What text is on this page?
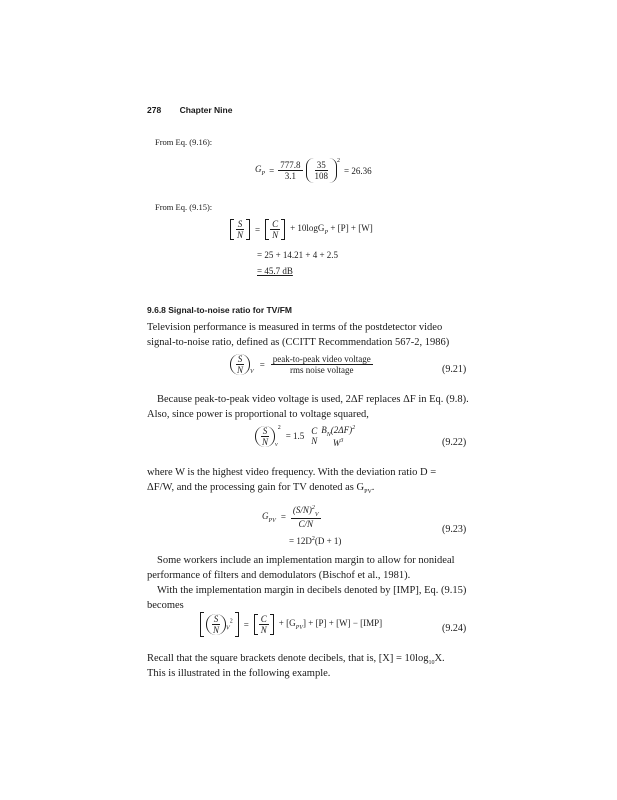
278 Chapter Nine
From Eq. (9.16):
$G_P = \frac{777.8}{3.1} \frac{35}{108} ^2$
= 26.36
From Eq. (9.15):
$\frac{S}{N} = \frac{C}{N} + 10\log G_P + [P] + [W]$
= 25 + 14.21 + 4 + 2.5
= 45.7 dB
9.6.8 Signal-to-noise ratio for TV/FM
Television performance is measured in terms of the postdetector video
signal-to-noise ratio, defined as (CCITT Recommendation 567-2, 1986)
$\frac{S}{N} _V$
= $\frac{\text{peak-to-peak video voltage}}{\text{rms noise voltage}}$	(9.21)
Because peak-to-peak video voltage is used, 2ΔF replaces ΔF in Eq. (9.8).
Also, since power is proportional to voltage squared,
$\frac{S}{N} _v$
2
= 1.5 C
N
$B_N(2\Delta F)^2$
$W^3$	(9.22)
where W is the highest video frequency. With the deviation ratio D =
ΔF/W, and the processing gain for TV denoted as $G_{PV}$.
$G_{PV} = \frac{(S/N)^2_V}{C/N}$
= $12D^2(D + 1)$
(9.23)
Some workers include an implementation margin to allow for nonideal
performance of filters and demodulators (Bischof et al., 1981).
With the implementation margin in decibels denoted by [IMP], Eq. (9.15)
becomes
$\frac{S}{N} _V^2$	= $\frac{C}{N} + [G_{PV}] + [P] + [W] - [IMP]$	(9.24)
Recall that the square brackets denote decibels, that is, $[X] = 10\log_{10}X$.
This is illustrated in the following example.
